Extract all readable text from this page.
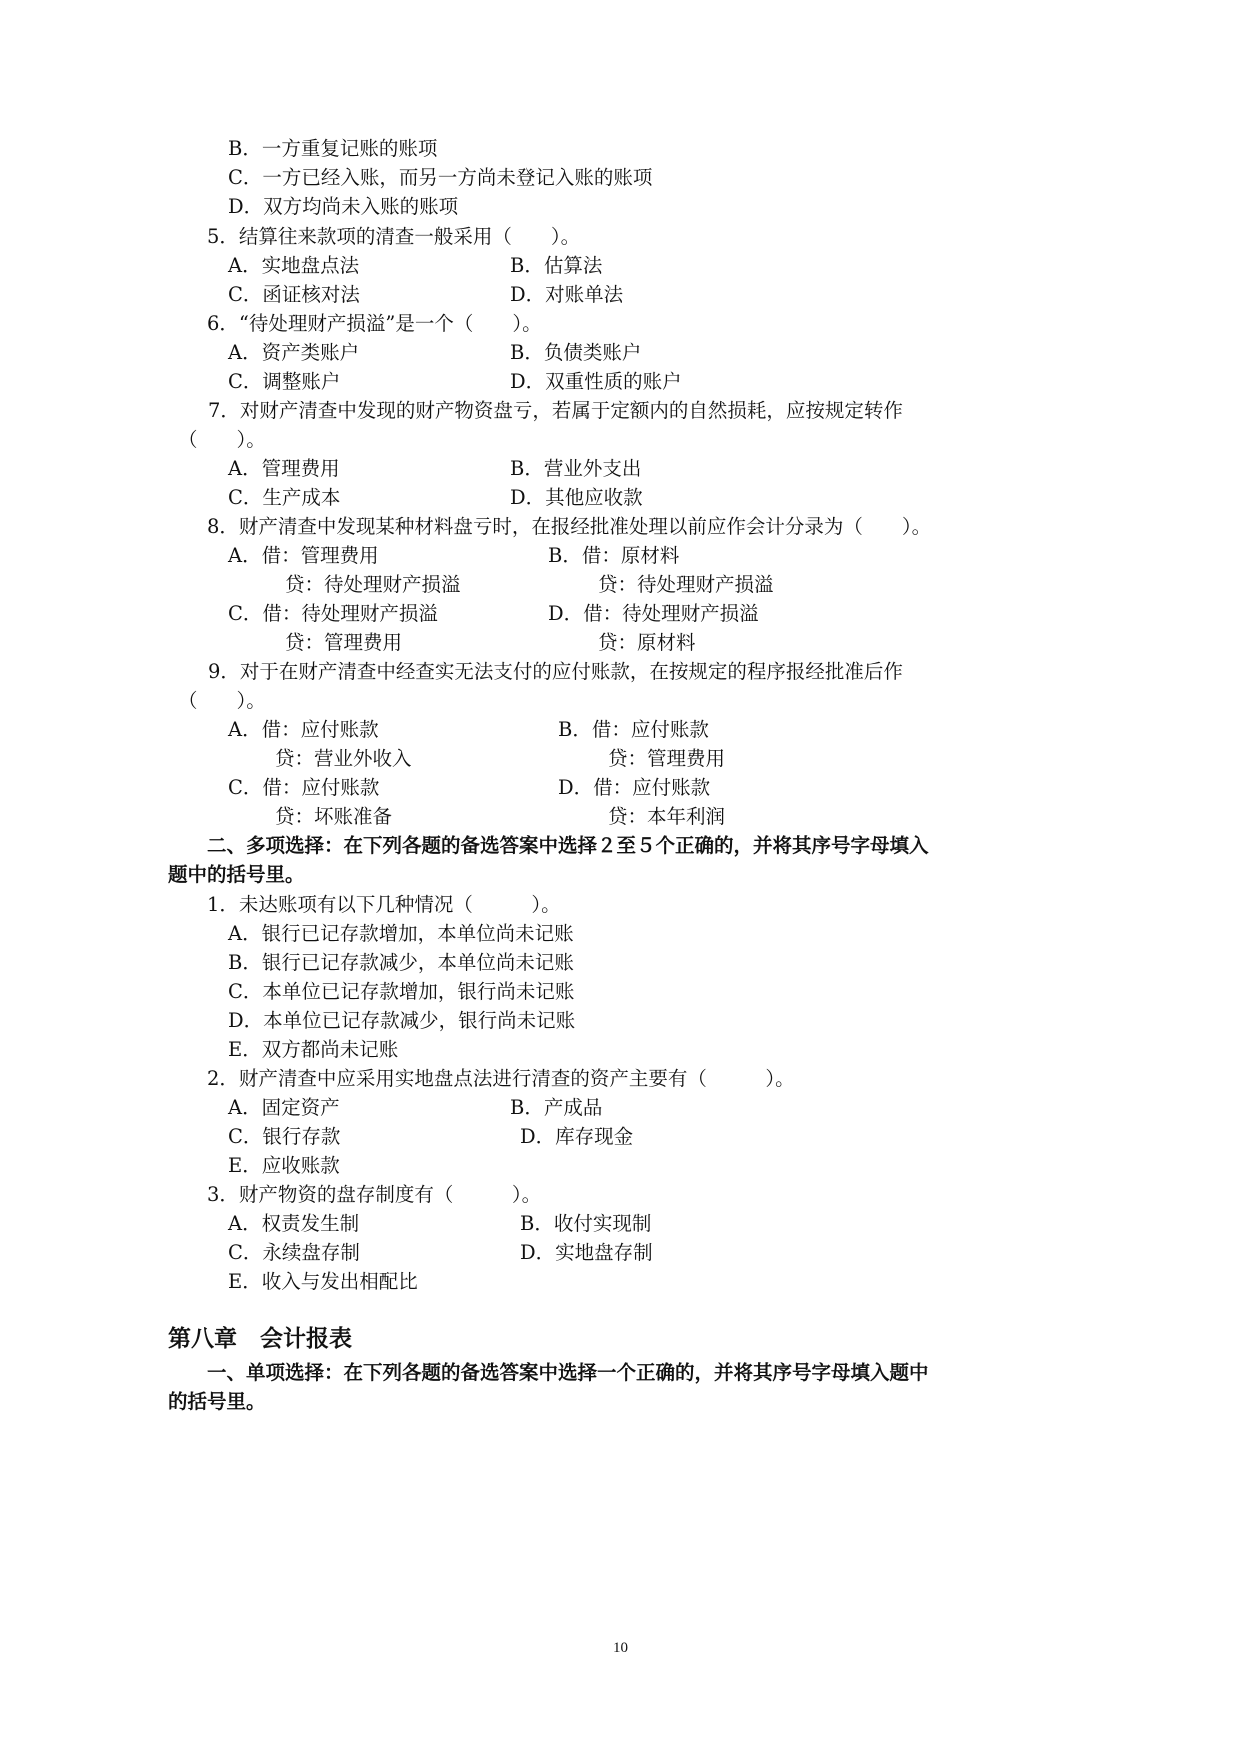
B．一方重复记账的账项
C．一方已经入账，而另一方尚未登记入账的账项
D．双方均尚未入账的账项
5．结算往来款项的清查一般采用（　　）。
A．实地盘点法	B．估算法
C．函证核对法	D．对账单法
6．“待处理财产损溢”是一个（　　）。
A．资产类账户	B．负债类账户
C．调整账户	D．双重性质的账户
7．对财产清查中发现的财产物资盘亏，若属于定额内的自然损耗，应按规定转作
（　　）。
A．管理费用	B．营业外支出
C．生产成本	D．其他应收款
8．财产清查中发现某种材料盘亏时，在报经批准处理以前应作会计分录为（　　）。
A．借：管理费用	B．借：原材料
贷：待处理财产损溢	贷：待处理财产损溢
C．借：待处理财产损溢	D．借：待处理财产损溢
贷：管理费用	贷：原材料
9．对于在财产清查中经查实无法支付的应付账款，在按规定的程序报经批准后作
（　　）。
A．借：应付账款	B．借：应付账款
贷：营业外收入	贷：管理费用
C．借：应付账款	D．借：应付账款
贷：坏账准备	贷：本年利润
二、多项选择：在下列各题的备选答案中选择２至５个正确的，并将其序号字母填入
题中的括号里。
1．未达账项有以下几种情况（　　　）。
A．银行已记存款增加，本单位尚未记账
B．银行已记存款减少，本单位尚未记账
C．本单位已记存款增加，银行尚未记账
D．本单位已记存款减少，银行尚未记账
E．双方都尚未记账
2．财产清查中应采用实地盘点法进行清查的资产主要有（　　　）。
A．固定资产	B．产成品
C．银行存款	D．库存现金
E．应收账款
3．财产物资的盘存制度有（　　　）。
A．权责发生制	B．收付实现制
C．永续盘存制	D．实地盘存制
E．收入与发出相配比
第八章　会计报表
一、单项选择：在下列各题的备选答案中选择一个正确的，并将其序号字母填入题中
的括号里。
10
